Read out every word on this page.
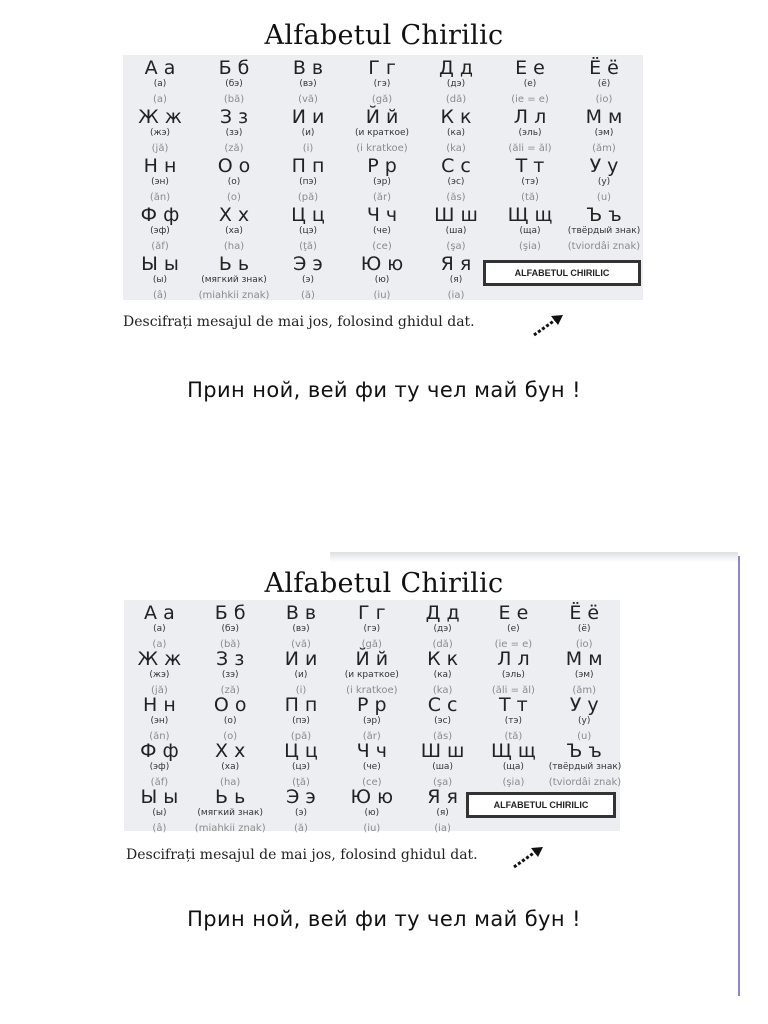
Alfabetul Chirilic
ALFABETUL CHIRILIC
А а
(а)
(a)
Б б
(бэ)
(bă)
В в
(вэ)
(vă)
Г г
(гэ)
(gă)
Д д
(дэ)
(dă)
Е е
(е)
(ie = e)
Ё ё
(ё)
(io)
Ж ж
(жэ)
(jă)
З з
(зэ)
(ză)
И и
(и)
(i)
Й й
(и краткое)
(i kratkoe)
К к
(ка)
(ka)
Л л
(эль)
(ăli = ăl)
М м
(эм)
(ăm)
Н н
(эн)
(ăn)
О о
(о)
(o)
П п
(пэ)
(pă)
Р р
(эр)
(ăr)
С с
(эс)
(ăs)
Т т
(тэ)
(tă)
У у
(у)
(u)
Ф ф
(эф)
(ăf)
Х х
(ха)
(ha)
Ц ц
(цэ)
(ţă)
Ч ч
(че)
(ce)
Ш ш
(ша)
(şa)
Щ щ
(ща)
(şia)
Ъ ъ
(твёрдый знак)
(tviordâi znak)
Ы ы
(ы)
(â)
Ь ь
(мягкий знак)
(miahkii znak)
Э э
(э)
(ă)
Ю ю
(ю)
(iu)
Я я
(я)
(ia)
Descifrați mesajul de mai jos, folosind ghidul dat.
Прин ной, вей фи ту чел май бун !
Alfabetul Chirilic
ALFABETUL CHIRILIC
А а
(а)
(a)
Б б
(бэ)
(bă)
В в
(вэ)
(vă)
Г г
(гэ)
(gă)
Д д
(дэ)
(dă)
Е е
(е)
(ie = e)
Ё ё
(ё)
(io)
Ж ж
(жэ)
(jă)
З з
(зэ)
(ză)
И и
(и)
(i)
Й й
(и краткое)
(i kratkoe)
К к
(ка)
(ka)
Л л
(эль)
(ăli = ăl)
М м
(эм)
(ăm)
Н н
(эн)
(ăn)
О о
(о)
(o)
П п
(пэ)
(pă)
Р р
(эр)
(ăr)
С с
(эс)
(ăs)
Т т
(тэ)
(tă)
У у
(у)
(u)
Ф ф
(эф)
(ăf)
Х х
(ха)
(ha)
Ц ц
(цэ)
(ţă)
Ч ч
(че)
(ce)
Ш ш
(ша)
(şa)
Щ щ
(ща)
(şia)
Ъ ъ
(твёрдый знак)
(tviordâi znak)
Ы ы
(ы)
(â)
Ь ь
(мягкий знак)
(miahkii znak)
Э э
(э)
(ă)
Ю ю
(ю)
(iu)
Я я
(я)
(ia)
Descifrați mesajul de mai jos, folosind ghidul dat.
Прин ной, вей фи ту чел май бун !
